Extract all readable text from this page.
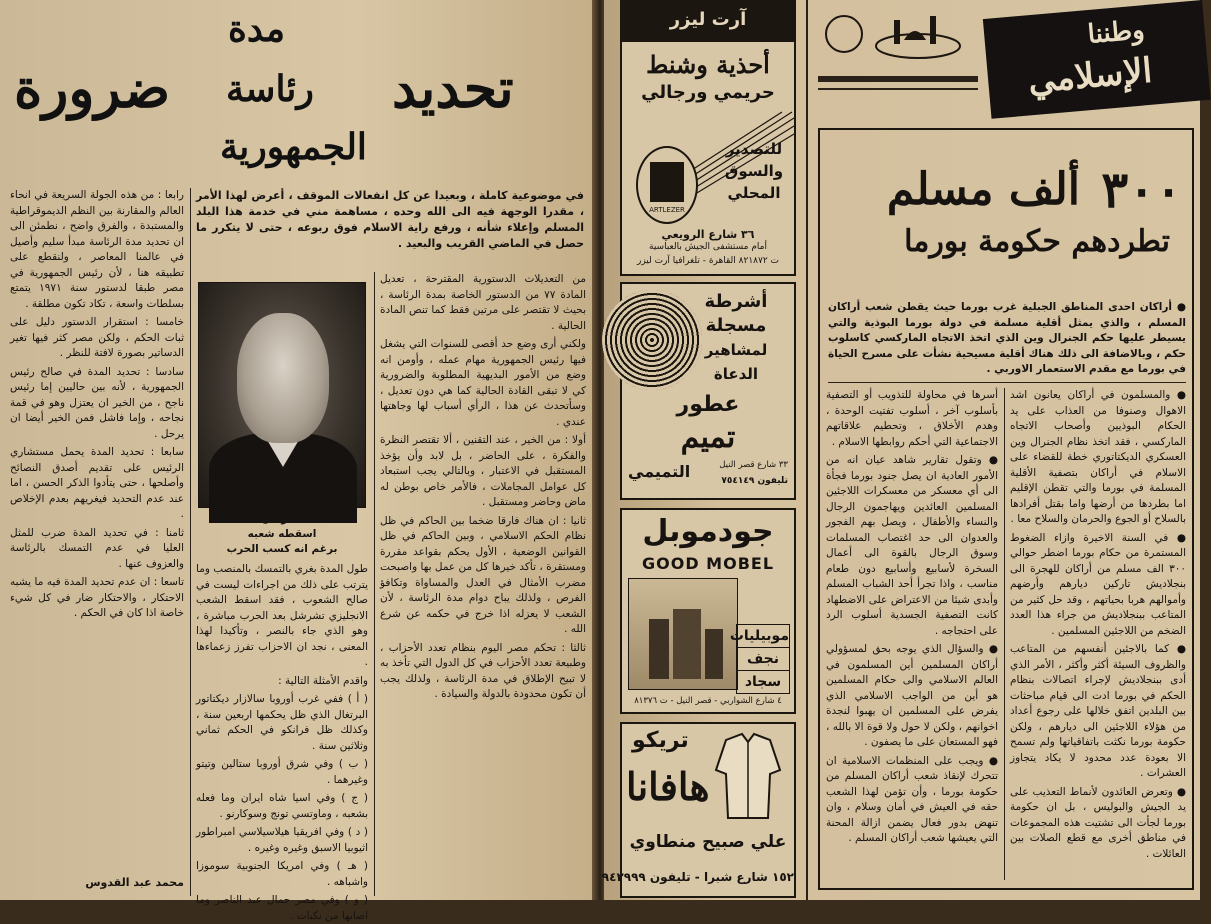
ضرورة	تحديد
مدة
رئاسة
الجمهورية
في موضوعية كاملة ، وبعيدا عن كل انفعالات الموقف ، أعرض لهذا الأمر ، مقدرا الوجهة فيه الى الله وحده ، مساهمة مني في خدمة هذا البلد المسلم وإعلاء شأنه ، ورفع راية الاسلام فوق ربوعه ، حتى لا يتكرر ما حصل في الماضي القريب والبعيد .
تشرشل
اسقطه شعبه
برغم انه كسب الحرب

من التعديلات الدستورية المقترحة ، تعديل المادة ٧٧ من الدستور الخاصة بمدة الرئاسة ، بحيث لا تقتصر على مرتين فقط كما تنص المادة الحالية .

ولكني أرى وضع حد أقصى للسنوات التي يشغل فيها رئيس الجمهورية مهام عمله ، وأومن انه وضع من الأمور البديهية المطلوبة والضرورية كي لا تبقى القادة الحالية كما هي دون تعديل ، وسأتحدث عن هذا ، الرأي أسباب لها وجاهتها عندي .

أولا : من الخير ، عند التقنين ، ألا تقتصر النظرة والفكرة ، على الحاضر ، بل لابد وأن يؤخذ المستقبل في الاعتبار ، وبالتالي يجب استبعاد كل عوامل المجاملات ، فالأمر خاص بوطن له ماض وحاضر ومستقبل .

ثانيا : ان هناك فارقا ضخما بين الحاكم في ظل نظام الحكم الاسلامي ، وبين الحاكم في ظل القوانين الوضعية ، الأول يحكم بقواعد مقررة ومستقرة ، تأكد خيرها كل من عمل بها واصبحت مضرب الأمثال في العدل والمساواة وتكافؤ الفرص ، ولذلك يباح دوام مدة الرئاسة ، لأن الشعب لا يعزله اذا خرج في حكمه عن شرع الله .

ثالثا : تحكم مصر اليوم بنظام تعدد الأحزاب ، وطبيعة تعدد الأحزاب في كل الدول التي تأخذ به لا تبيح الإطلاق في مدة الرئاسة ، ولذلك يجب أن تكون محدودة بالدولة والسيادة .

طول المدة بغري بالتمسك بالمنصب وما يترتب على ذلك من اجراءات ليست في صالح الشعوب ، فقد اسقط الشعب الانجليزي تشرشل بعد الحرب مباشرة ، وهو الذي جاء بالنصر ، وتأكيدا لهذا المعنى ، نجد ان الاحزاب تفرز زعماءها .

واقدم الأمثلة التالية :

( أ ) ففي غرب أوروبا سالازار ديكتاتور البرتغال الذي ظل يحكمها اربعين سنة ، وكذلك ظل فرانكو في الحكم ثماني وثلاثين سنة .

( ب ) وفي شرق أوروبا ستالين وتيتو وغيرهما .

( ج ) وفي اسيا شاه ايران وما فعله بشعبه ، وماوتسي تونج وسوكارنو .

( د ) وفي افريقيا هيلاسيلاسي امبراطور اثيوبيا الاسبق وغيره وغيره .

( هـ ) وفي امريكا الجنوبية سوموزا واشباهه .

( و ) وفي مصر جمال عبد الناصر وما اصابها من نكبات .

رابعا : من هذه الجولة السريعة في انحاء العالم والمقارنة بين النظم الديموقراطية والمستبدة ، والفرق واضح ، نطمئن الى ان تحديد مدة الرئاسة مبدأ سليم وأصيل في عالمنا المعاصر ، ولنقطع على تطبيقه هنا ، لأن رئيس الجمهورية في مصر طبقا لدستور سنة ١٩٧١ يتمتع بسلطات واسعة ، تكاد تكون مطلقة .

خامسا : استقرار الدستور دليل على ثبات الحكم ، ولكن مصر كثر فيها تغير الدساتير بصورة لافتة للنظر .

سادسا : تحديد المدة في صالح رئيس الجمهورية ، لأنه بين حاليين إما رئيس ناجح ، من الخير ان يعتزل وهو في قمة نجاحه ، وإما فاشل فمن الخير أيضا ان يرحل .

سابعا : تحديد المدة يحمل مستشاري الرئيس على تقديم أصدق النصائح وأصلحها ، حتى يتأدوا الذكر الحسن ، اما عند عدم التحديد فيغريهم بعدم الإخلاص .

ثامنا : في تحديد المدة ضرب للمثل العليا في عدم التمسك بالرئاسة والعزوف عنها .

تاسعا : ان عدم تحديد المدة فيه ما يشبه الاحتكار ، والاحتكار ضار في كل شيء خاصة اذا كان في الحكم .

محمد عبد القدوس
آرت ليزر
أحذية وشنط
حريمي ورجالي
ARTLEZER
للتصدير
والسوق
المحلي
٣٦ شارع الرويعي
أمام مستشفى الجيش بالعباسية
ت ٨٢١٨٧٢ القاهرة - تلغرافيا آرت ليزر
أشرطة
مسجلة
لمشاهير
الدعاة
عطور
تميم
التميمي	٣٣ شارع قصر النيل
تليفون ٧٥٤١٤٩
جودموبل
GOOD MOBEL
موبيليات
نجف
سجاد
٤ شارع الشواربي - قصر النيل - ت ٨١٣٧٦
تريكو
هافانا
علي صبيح منطاوي
١٥٢ شارع شبرا - تليفون ٩٤٢٩٩٩
وطننا
الإسلامي
٣٠٠
ألف مسلم
تطردهم حكومة بورما
● أراكان احدى المناطق الجبلية غرب بورما حيث يقطن شعب أراكان المسلم ، والذي يمثل أقلية مسلمة في دولة بورما البوذية والتي يسيطر عليها حكم الجنرال وين الذي اتخذ الاتجاه الماركسي كاسلوب حكم ، وبالاضافة الى ذلك هناك أقلية مسيحية نشأت على مسرح الحياة في بورما مع مقدم الاستعمار الاوربي .

● والمسلمون في أراكان يعانون اشد الاهوال وصنوفا من العذاب على يد الحكام البوذيين وأصحاب الاتجاه الماركسي ، فقد اتخذ نظام الجنرال وين العسكري الديكتاتوري خطة للقضاء على الاسلام في أراكان بتصفية الأقلية المسلمة في بورما والتي تقطن الإقليم اما بطردها من أرضها واما بقتل أفرادها بالسلاح أو الجوع والحرمان والسلاح معا .

● في السنة الاخيرة وازاء الضغوط المستمرة من حكام بورما اضطر حوالي ٣٠٠ الف مسلم من أراكان للهجرة الى بنجلاديش تاركين ديارهم وأرضهم وأموالهم هربا بحياتهم ، وقد حل كثير من المتاعب ببنجلاديش من جراء هذا العدد الضخم من اللاجئين المسلمين .

● كما بالاجئين أنفسهم من المتاعب والظروف السيئة أكثر وأكثر ، الأمر الذي أدى ببنجلاديش لإجراء اتصالات بنظام الحكم في بورما ادت الى قيام مباحثات بين البلدين اتفق خلالها على رجوع أعداد من هؤلاء اللاجئين الى ديارهم ، ولكن حكومة بورما نكثت باتفاقياتها ولم تسمح الا بعودة عدد محدود لا يكاد يتجاوز العشرات .

● وتعرض العائدون لأنماط التعذيب على يد الجيش والبوليس ، بل ان حكومة بورما لجأت الى تشتيت هذه المجموعات في مناطق أخرى مع قطع الصلات بين العائلات .

أسرها في محاولة للتذويب أو التصفية بأسلوب آخر ، أسلوب تفتيت الوحدة ، وهدم الأخلاق ، وتحطيم علاقاتهم الاجتماعية التي أحكم روابطها الاسلام .

● وتقول تقارير شاهد عيان انه من الأمور العادية ان يصل جنود بورما فجأة الى أي معسكر من معسكرات اللاجئين المسلمين العائدين ويهاجمون الرجال والنساء والأطفال ، ويصل بهم الفجور والعدوان الى حد اغتصاب المسلمات وسوق الرجال بالقوة الى أعمال السخرة لأسابيع وأسابيع دون طعام مناسب ، واذا تجرأ أحد الشباب المسلم وأبدى شيئا من الاعتراض على الاضطهاد كانت التصفية الجسدية أسلوب الرد على احتجاجه .

● والسؤال الذي يوجه بحق لمسؤولي أراكان المسلمين أين المسلمون في العالم الاسلامي والى حكام المسلمين هو أين من الواجب الاسلامي الذي يفرض على المسلمين ان يهبوا لنجدة اخوانهم ، ولكن لا حول ولا قوة الا بالله ، فهو المستعان على ما يصفون .

● ويجب على المنظمات الاسلامية ان تتحرك لإنقاذ شعب أراكان المسلم من حكومة بورما ، وأن تؤمن لهذا الشعب حقه في العيش في أمان وسلام ، وان تنهض بدور فعال يضمن ازالة المحنة التي يعيشها شعب أراكان المسلم .
